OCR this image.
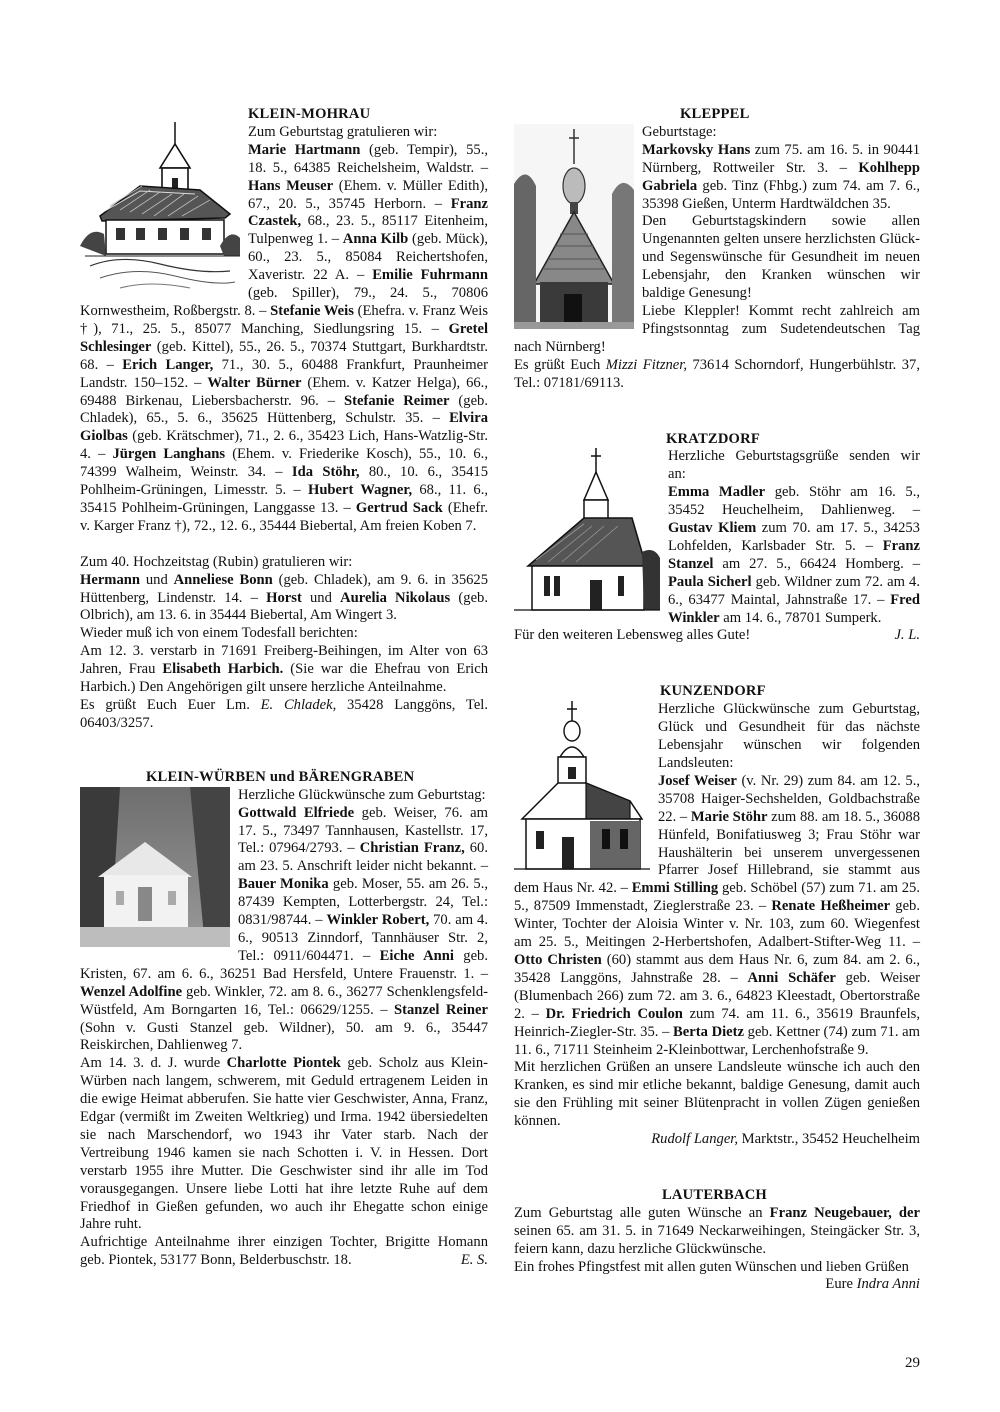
KLEIN-MOHRAU

Zum Geburtstag gratulieren wir:
Marie Hartmann (geb. Tempir), 55., 18. 5., 64385 Reichelsheim, Waldstr. – Hans Meuser (Ehem. v. Müller Edith), 67., 20. 5., 35745 Herborn. – Franz Czastek, 68., 23. 5., 85117 Eitenheim, Tulpenweg 1. – Anna Kilb (geb. Mück), 60., 23. 5., 85084 Reichertshofen, Xaveristr. 22 A. – Emilie Fuhrmann (geb. Spiller), 79., 24. 5., 70806 Kornwestheim, Roßbergstr. 8. – Stefanie Weis (Ehefra. v. Franz Weis †), 71., 25. 5., 85077 Manching, Siedlungsring 15. – Gretel Schlesinger (geb. Kittel), 55., 26. 5., 70374 Stuttgart, Burkhardtstr. 68. – Erich Langer, 71., 30. 5., 60488 Frankfurt, Praunheimer Landstr. 150–152. – Walter Bürner (Ehem. v. Katzer Helga), 66., 69488 Birkenau, Liebersbacherstr. 96. – Stefanie Reimer (geb. Chladek), 65., 5. 6., 35625 Hüttenberg, Schulstr. 35. – Elvira Giolbas (geb. Krätschmer), 71., 2. 6., 35423 Lich, Hans-Watzlig-Str. 4. – Jürgen Langhans (Ehem. v. Friederike Kosch), 55., 10. 6., 74399 Walheim, Weinstr. 34. – Ida Stöhr, 80., 10. 6., 35415 Pohlheim-Grüningen, Limesstr. 5. – Hubert Wagner, 68., 11. 6., 35415 Pohlheim-Grüningen, Langgasse 13. – Gertrud Sack (Ehefr. v. Karger Franz †), 72., 12. 6., 35444 Biebertal, Am freien Koben 7.

Zum 40. Hochzeitstag (Rubin) gratulieren wir:
Hermann und Anneliese Bonn (geb. Chladek), am 9. 6. in 35625 Hüttenberg, Lindenstr. 14. – Horst und Aurelia Nikolaus (geb. Olbrich), am 13. 6. in 35444 Biebertal, Am Wingert 3.

Wieder muß ich von einem Todesfall berichten:

Am 12. 3. verstarb in 71691 Freiberg-Beihingen, im Alter von 63 Jahren, Frau Elisabeth Harbich. (Sie war die Ehefrau von Erich Harbich.) Den Angehörigen gilt unsere herzliche Anteilnahme.

Es grüßt Euch Euer Lm. E. Chladek, 35428 Langgöns, Tel. 06403/3257.

KLEIN-WÜRBEN und BÄRENGRABEN

Herzliche Glückwünsche zum Geburtstag:
Gottwald Elfriede geb. Weiser, 76. am 17. 5., 73497 Tannhausen, Kastellstr. 17, Tel.: 07964/2793. – Christian Franz, 60. am 23. 5. Anschrift leider nicht bekannt. – Bauer Monika geb. Moser, 55. am 26. 5., 87439 Kempten, Lotterbergstr. 24, Tel.: 0831/98744. – Winkler Robert, 70. am 4. 6., 90513 Zinndorf, Tannhäuser Str. 2, Tel.: 0911/604471. – Eiche Anni geb. Kristen, 67. am 6. 6., 36251 Bad Hersfeld, Untere Frauenstr. 1. – Wenzel Adolfine geb. Winkler, 72. am 8. 6., 36277 Schenklengsfeld-Wüstfeld, Am Borngarten 16, Tel.: 06629/1255. – Stanzel Reiner (Sohn v. Gusti Stanzel geb. Wildner), 50. am 9. 6., 35447 Reiskirchen, Dahlienweg 7.

Am 14. 3. d. J. wurde Charlotte Piontek geb. Scholz aus Klein-Würben nach langem, schwerem, mit Geduld ertragenem Leiden in die ewige Heimat abberufen. Sie hatte vier Geschwister, Anna, Franz, Edgar (vermißt im Zweiten Weltkrieg) und Irma. 1942 übersiedelten sie nach Marschendorf, wo 1943 ihr Vater starb. Nach der Vertreibung 1946 kamen sie nach Schotten i. V. in Hessen. Dort verstarb 1955 ihre Mutter. Die Geschwister sind ihr alle im Tod vorausgegangen. Unsere liebe Lotti hat ihre letzte Ruhe auf dem Friedhof in Gießen gefunden, wo auch ihr Ehegatte schon einige Jahre ruht.

Aufrichtige Anteilnahme ihrer einzigen Tochter, Brigitte Homann geb. Piontek, 53177 Bonn, Belderbuschstr. 18.	E. S.

KLEPPEL

Geburtstage:
Markovsky Hans zum 75. am 16. 5. in 90441 Nürnberg, Rottweiler Str. 3. – Kohlhepp Gabriela geb. Tinz (Fhbg.) zum 74. am 7. 6., 35398 Gießen, Unterm Hardtwäldchen 35.

Den Geburtstagskindern sowie allen Ungenannten gelten unsere herzlichsten Glück- und Segenswünsche für Gesundheit im neuen Lebensjahr, den Kranken wünschen wir baldige Genesung!

Liebe Kleppler! Kommt recht zahlreich am Pfingstsonntag zum Sudetendeutschen Tag nach Nürnberg!

Es grüßt Euch Mizzi Fitzner, 73614 Schorndorf, Hungerbühlstr. 37, Tel.: 07181/69113.

KRATZDORF

Herzliche Geburtstagsgrüße senden wir an:
Emma Madler geb. Stöhr am 16. 5., 35452 Heuchelheim, Dahlienweg. – Gustav Kliem zum 70. am 17. 5., 34253 Lohfelden, Karlsbader Str. 5. – Franz Stanzel am 27. 5., 66424 Homberg. – Paula Sicherl geb. Wildner zum 72. am 4. 6., 63477 Maintal, Jahnstraße 17. – Fred Winkler am 14. 6., 78701 Sumperk.

Für den weiteren Lebensweg alles Gute!	J. L.

KUNZENDORF

Herzliche Glückwünsche zum Geburtstag, Glück und Gesundheit für das nächste Lebensjahr wünschen wir folgenden Landsleuten:
Josef Weiser (v. Nr. 29) zum 84. am 12. 5., 35708 Haiger-Sechshelden, Goldbachstraße 22. – Marie Stöhr zum 88. am 18. 5., 36088 Hünfeld, Bonifatiusweg 3; Frau Stöhr war Haushälterin bei unserem unvergessenen Pfarrer Josef Hillebrand, sie stammt aus dem Haus Nr. 42. – Emmi Stilling geb. Schöbel (57) zum 71. am 25. 5., 87509 Immenstadt, Zieglerstraße 23. – Renate Heßheimer geb. Winter, Tochter der Aloisia Winter v. Nr. 103, zum 60. Wiegenfest am 25. 5., Meitingen 2-Herbertshofen, Adalbert-Stifter-Weg 11. – Otto Christen (60) stammt aus dem Haus Nr. 6, zum 84. am 2. 6., 35428 Langgöns, Jahnstraße 28. – Anni Schäfer geb. Weiser (Blumenbach 266) zum 72. am 3. 6., 64823 Kleestadt, Obertorstraße 2. – Dr. Friedrich Coulon zum 74. am 11. 6., 35619 Braunfels, Heinrich-Ziegler-Str. 35. – Berta Dietz geb. Kettner (74) zum 71. am 11. 6., 71711 Steinheim 2-Kleinbottwar, Lerchenhofstraße 9.

Mit herzlichen Grüßen an unsere Landsleute wünsche ich auch den Kranken, es sind mir etliche bekannt, baldige Genesung, damit auch sie den Frühling mit seiner Blütenpracht in vollen Zügen genießen können.

Rudolf Langer, Marktstr., 35452 Heuchelheim

LAUTERBACH

Zum Geburtstag alle guten Wünsche an Franz Neugebauer, der seinen 65. am 31. 5. in 71649 Neckarweihingen, Steingäcker Str. 3, feiern kann, dazu herzliche Glückwünsche.

Ein frohes Pfingstfest mit allen guten Wünschen und lieben Grüßen
Eure Indra Anni

29
